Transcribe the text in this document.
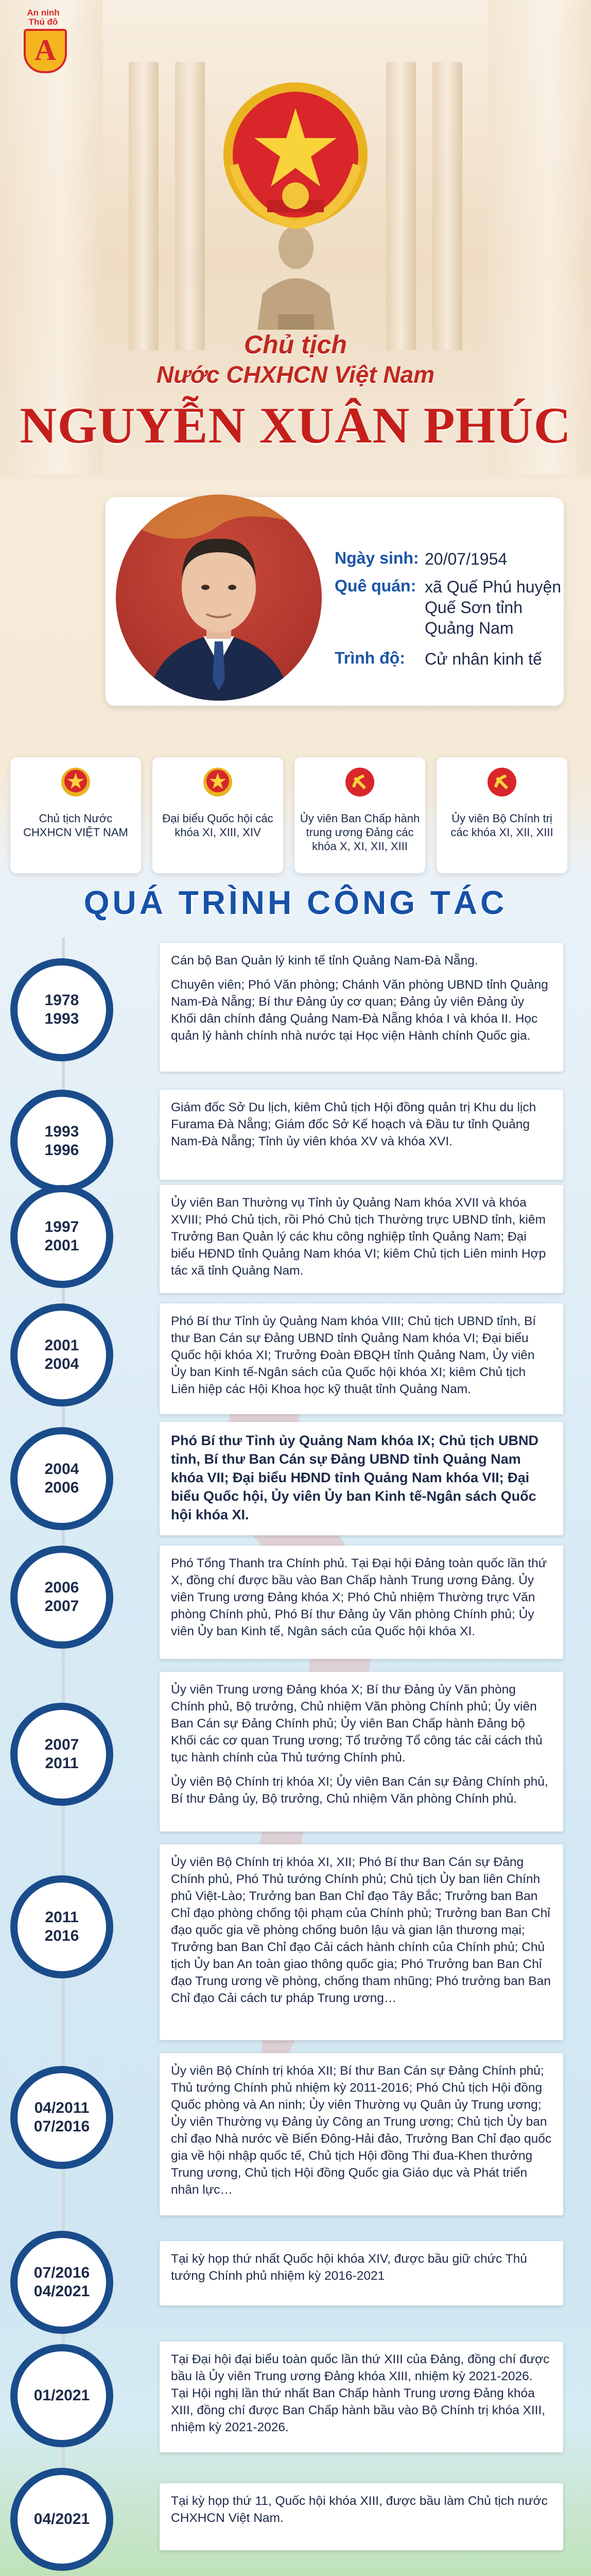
An ninh
Thủ đô
A
Chủ tịch
Nước CHXHCN Việt Nam
NGUYỄN XUÂN PHÚC
Ngày sinh: 20/07/1954
Quê quán: xã Quế Phú huyện Quế Sơn tỉnh Quảng Nam
Trình độ:	Cử nhân kinh tế
Chủ tịch Nước CHXHCN VIỆT NAM
Đại biểu Quốc hội các khóa XI, XIII, XIV
Ủy viên Ban Chấp hành trung ương Đảng các khóa X, XI, XII, XIII
Ủy viên Bộ Chính trị các khóa XI, XII, XIII
QUÁ TRÌNH CÔNG TÁC
1978
1993

Cán bộ Ban Quản lý kinh tế tỉnh Quảng Nam-Đà Nẵng.

Chuyên viên; Phó Văn phòng; Chánh Văn phòng UBND tỉnh Quảng Nam-Đà Nẵng; Bí thư Đảng ủy cơ quan; Đảng ủy viên Đảng ủy Khối dân chính đảng Quảng Nam-Đà Nẵng khóa I và khóa II. Học quản lý hành chính nhà nước tại Học viện Hành chính Quốc gia.

1993
1996

Giám đốc Sở Du lịch, kiêm Chủ tịch Hội đồng quản trị Khu du lịch Furama Đà Nẵng; Giám đốc Sở Kế hoạch và Đầu tư tỉnh Quảng Nam-Đà Nẵng; Tỉnh ủy viên khóa XV và khóa XVI.

1997
2001

Ủy viên Ban Thường vụ Tỉnh ủy Quảng Nam khóa XVII và khóa XVIII; Phó Chủ tịch, rồi Phó Chủ tịch Thường trực UBND tỉnh, kiêm Trưởng Ban Quản lý các khu công nghiệp tỉnh Quảng Nam; Đại biểu HĐND tỉnh Quảng Nam khóa VI; kiêm Chủ tịch Liên minh Hợp tác xã tỉnh Quảng Nam.

2001
2004

Phó Bí thư Tỉnh ủy Quảng Nam khóa VIII; Chủ tịch UBND tỉnh, Bí thư Ban Cán sự Đảng UBND tỉnh Quảng Nam khóa VI; Đại biểu Quốc hội khóa XI; Trưởng Đoàn ĐBQH tỉnh Quảng Nam, Ủy viên Ủy ban Kinh tế-Ngân sách của Quốc hội khóa XI; kiêm Chủ tịch Liên hiệp các Hội Khoa học kỹ thuật tỉnh Quảng Nam.

2004
2006

Phó Bí thư Tỉnh ủy Quảng Nam khóa IX; Chủ tịch UBND tỉnh, Bí thư Ban Cán sự Đảng UBND tỉnh Quảng Nam khóa VII; Đại biểu HĐND tỉnh Quảng Nam khóa VII; Đại biểu Quốc hội, Ủy viên Ủy ban Kinh tế-Ngân sách Quốc hội khóa XI.

2006
2007

Phó Tổng Thanh tra Chính phủ. Tại Đại hội Đảng toàn quốc lần thứ X, đồng chí được bầu vào Ban Chấp hành Trung ương Đảng. Ủy viên Trung ương Đảng khóa X; Phó Chủ nhiệm Thường trực Văn phòng Chính phủ, Phó Bí thư Đảng ủy Văn phòng Chính phủ; Ủy viên Ủy ban Kinh tế, Ngân sách của Quốc hội khóa XI.

2007
2011

Ủy viên Trung ương Đảng khóa X; Bí thư Đảng ủy Văn phòng Chính phủ, Bộ trưởng, Chủ nhiệm Văn phòng Chính phủ; Ủy viên Ban Cán sự Đảng Chính phủ; Ủy viên Ban Chấp hành Đảng bộ Khối các cơ quan Trung ương; Tổ trưởng Tổ công tác cải cách thủ tục hành chính của Thủ tướng Chính phủ.

Ủy viên Bộ Chính trị khóa XI; Ủy viên Ban Cán sự Đảng Chính phủ, Bí thư Đảng ủy, Bộ trưởng, Chủ nhiệm Văn phòng Chính phủ.

2011
2016

Ủy viên Bộ Chính trị khóa XI, XII; Phó Bí thư Ban Cán sự Đảng Chính phủ, Phó Thủ tướng Chính phủ; Chủ tịch Ủy ban liên Chính phủ Việt-Lào; Trưởng ban Ban Chỉ đạo Tây Bắc; Trưởng ban Ban Chỉ đạo phòng chống tội phạm của Chính phủ; Trưởng ban Ban Chỉ đạo quốc gia về phòng chống buôn lậu và gian lận thương mại; Trưởng ban Ban Chỉ đạo Cải cách hành chính của Chính phủ; Chủ tịch Ủy ban An toàn giao thông quốc gia; Phó Trưởng ban Ban Chỉ đạo Trung ương về phòng, chống tham nhũng; Phó trưởng ban Ban Chỉ đạo Cải cách tư pháp Trung ương…

04/2011
07/2016

Ủy viên Bộ Chính trị khóa XII; Bí thư Ban Cán sự Đảng Chính phủ; Thủ tướng Chính phủ nhiệm kỳ 2011-2016; Phó Chủ tịch Hội đồng Quốc phòng và An ninh; Ủy viên Thường vụ Quân ủy Trung ương; Ủy viên Thường vụ Đảng ủy Công an Trung ương; Chủ tịch Ủy ban chỉ đạo Nhà nước về Biển Đông-Hải đảo, Trưởng Ban Chỉ đạo quốc gia về hội nhập quốc tế, Chủ tịch Hội đồng Thi đua-Khen thưởng Trung ương, Chủ tịch Hội đồng Quốc gia Giáo dục và Phát triển nhân lực…

07/2016
04/2021

Tại kỳ họp thứ nhất Quốc hội khóa XIV, được bầu giữ chức Thủ tướng Chính phủ nhiệm kỳ 2016-2021

01/2021

Tại Đại hội đại biểu toàn quốc lần thứ XIII của Đảng, đồng chí được bầu là Ủy viên Trung ương Đảng khóa XIII, nhiệm kỳ 2021-2026. Tại Hội nghị lần thứ nhất Ban Chấp hành Trung ương Đảng khóa XIII, đồng chí được Ban Chấp hành bầu vào Bộ Chính trị khóa XIII, nhiệm kỳ 2021-2026.

04/2021

Tại kỳ họp thứ 11, Quốc hội khóa XIII, được bầu làm Chủ tịch nước CHXHCN Việt Nam.
